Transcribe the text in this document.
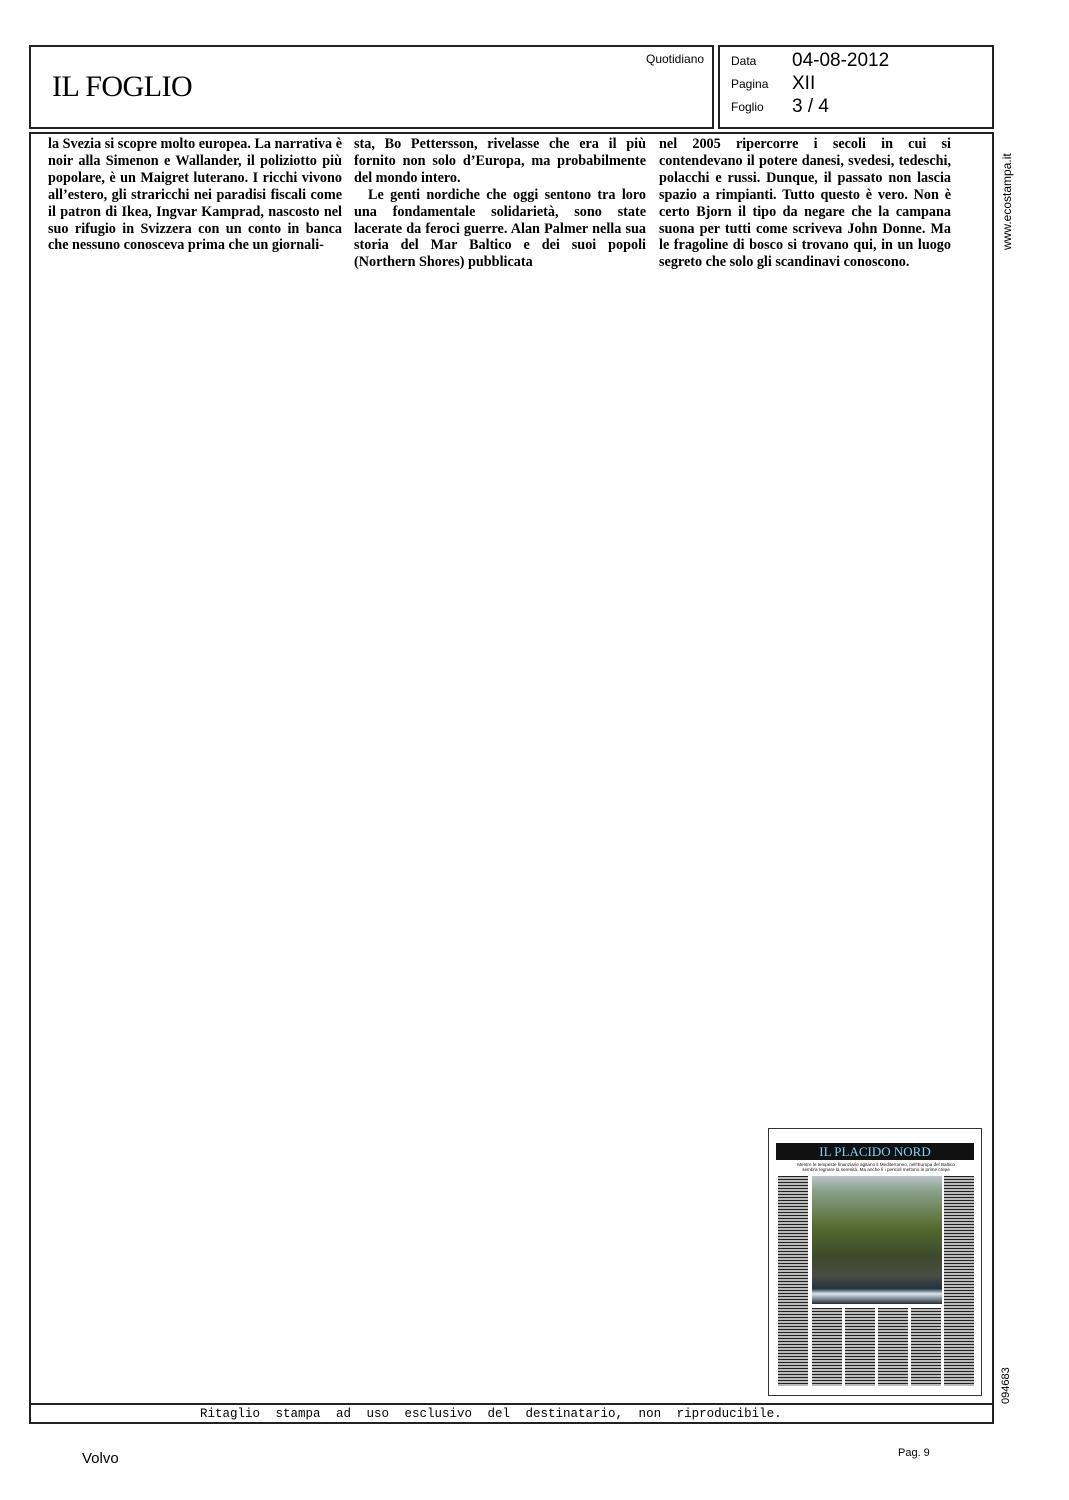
IL FOGLIO
Quotidiano Data 04-08-2012
Pagina XII
Foglio 3 / 4

la Svezia si scopre molto europea. La narrativa è noir alla Simenon e Wallander, il poliziotto più popolare, è un Maigret luterano. I ricchi vivono all’estero, gli straricchi nei paradisi fiscali come il patron di Ikea, Ingvar Kamprad, nascosto nel suo rifugio in Svizzera con un conto in banca che nessuno conosceva prima che un giornali-

sta, Bo Pettersson, rivelasse che era il più fornito non solo d’Europa, ma probabilmente del mondo intero.

Le genti nordiche che oggi sentono tra loro una fondamentale solidarietà, sono state lacerate da feroci guerre. Alan Palmer nella sua storia del Mar Baltico e dei suoi popoli (Northern Shores) pubblicata

nel 2005 ripercorre i secoli in cui si contendevano il potere danesi, svedesi, tedeschi, polacchi e russi. Dunque, il passato non lascia spazio a rimpianti. Tutto questo è vero. Non è certo Bjorn il tipo da negare che la campana suona per tutti come scriveva John Donne. Ma le fragoline di bosco si trovano qui, in un luogo segreto che solo gli scandinavi conoscono.

www.ecostampa.it
094683
IL PLACIDO NORD
Mentre le tempeste finanziarie agitano il Mediterraneo, nell’Europa del Baltico sembra regnare la serenità. Ma anche lì i pericoli mettono le prime crepe
Ritaglio stampa ad uso esclusivo del destinatario, non riproducibile.
Volvo	Pag. 9
